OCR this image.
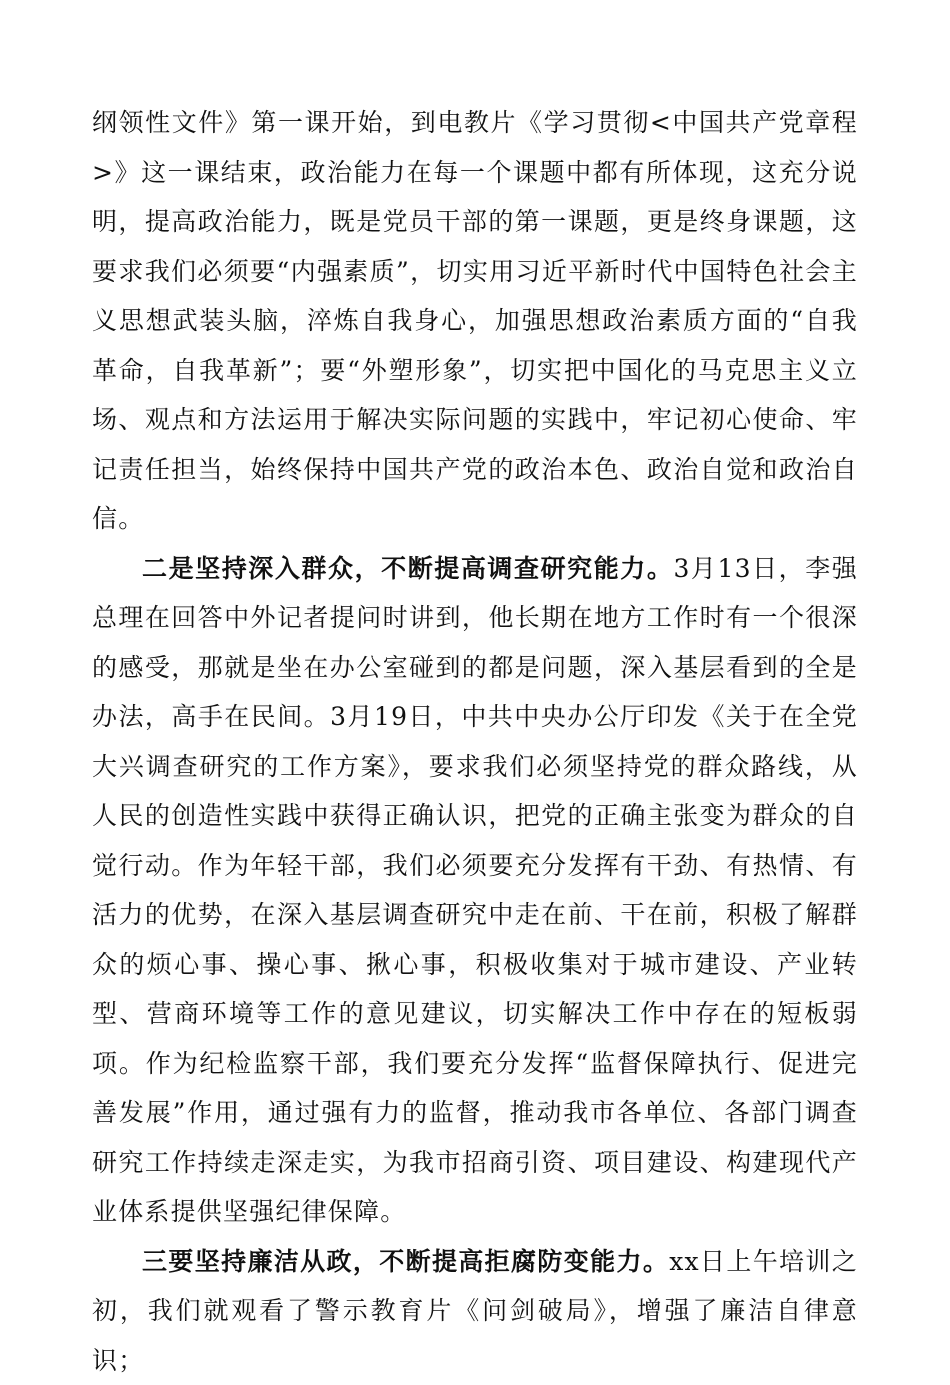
纲领性文件》第一课开始，到电教片《学习贯彻<中国共产党章程>》这一课结束，政治能力在每一个课题中都有所体现，这充分说明，提高政治能力，既是党员干部的第一课题，更是终身课题，这要求我们必须要“内强素质”，切实用习近平新时代中国特色社会主义思想武装头脑，淬炼自我身心，加强思想政治素质方面的“自我革命，自我革新”；要“外塑形象”，切实把中国化的马克思主义立场、观点和方法运用于解决实际问题的实践中，牢记初心使命、牢记责任担当，始终保持中国共产党的政治本色、政治自觉和政治自信。

二是坚持深入群众，不断提高调查研究能力。3月13日，李强总理在回答中外记者提问时讲到，他长期在地方工作时有一个很深的感受，那就是坐在办公室碰到的都是问题，深入基层看到的全是办法，高手在民间。3月19日，中共中央办公厅印发《关于在全党大兴调查研究的工作方案》，要求我们必须坚持党的群众路线，从人民的创造性实践中获得正确认识，把党的正确主张变为群众的自觉行动。作为年轻干部，我们必须要充分发挥有干劲、有热情、有活力的优势，在深入基层调查研究中走在前、干在前，积极了解群众的烦心事、操心事、揪心事，积极收集对于城市建设、产业转型、营商环境等工作的意见建议，切实解决工作中存在的短板弱项。作为纪检监察干部，我们要充分发挥“监督保障执行、促进完善发展”作用，通过强有力的监督，推动我市各单位、各部门调查研究工作持续走深走实，为我市招商引资、项目建设、构建现代产业体系提供坚强纪律保障。

三要坚持廉洁从政，不断提高拒腐防变能力。xx日上午培训之初，我们就观看了警示教育片《问剑破局》，增强了廉洁自律意识；
